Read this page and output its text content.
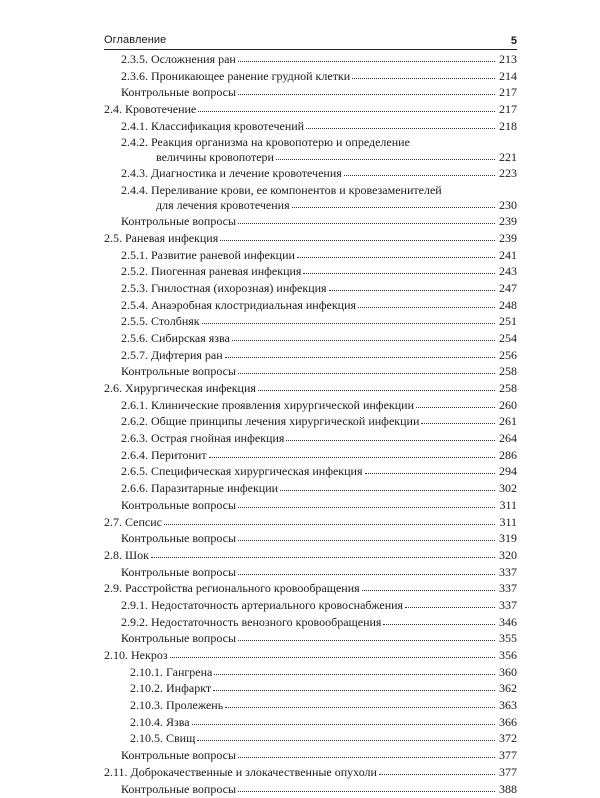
Оглавление	5
2.3.5. Осложнения ран	213
2.3.6. Проникающее ранение грудной клетки	214
Контрольные вопросы	217
2.4. Кровотечение	217
2.4.1. Классификация кровотечений	218
2.4.2. Реакция организма на кровопотерю и определение
величины кровопотери	221
2.4.3. Диагностика и лечение кровотечения	223
2.4.4. Переливание крови, ее компонентов и кровезаменителей
для лечения кровотечения	230
Контрольные вопросы	239
2.5. Раневая инфекция	239
2.5.1. Развитие раневой инфекции	241
2.5.2. Пиогенная раневая инфекция	243
2.5.3. Гнилостная (ихорозная) инфекция	247
2.5.4. Анаэробная клостридиальная инфекция	248
2.5.5. Столбняк	251
2.5.6. Сибирская язва	254
2.5.7. Дифтерия ран	256
Контрольные вопросы	258
2.6. Хирургическая инфекция	258
2.6.1. Клинические проявления хирургической инфекции	260
2.6.2. Общие принципы лечения хирургической инфекции	261
2.6.3. Острая гнойная инфекция	264
2.6.4. Перитонит	286
2.6.5. Специфическая хирургическая инфекция	294
2.6.6. Паразитарные инфекции	302
Контрольные вопросы	311
2.7. Сепсис	311
Контрольные вопросы	319
2.8. Шок	320
Контрольные вопросы	337
2.9. Расстройства регионального кровообращения	337
2.9.1. Недостаточность артериального кровоснабжения	337
2.9.2. Недостаточность венозного кровообращения	346
Контрольные вопросы	355
2.10. Некроз	356
2.10.1. Гангрена	360
2.10.2. Инфаркт	362
2.10.3. Пролежень	363
2.10.4. Язва	366
2.10.5. Свищ	372
Контрольные вопросы	377
2.11. Доброкачественные и злокачественные опухоли	377
Контрольные вопросы	388
